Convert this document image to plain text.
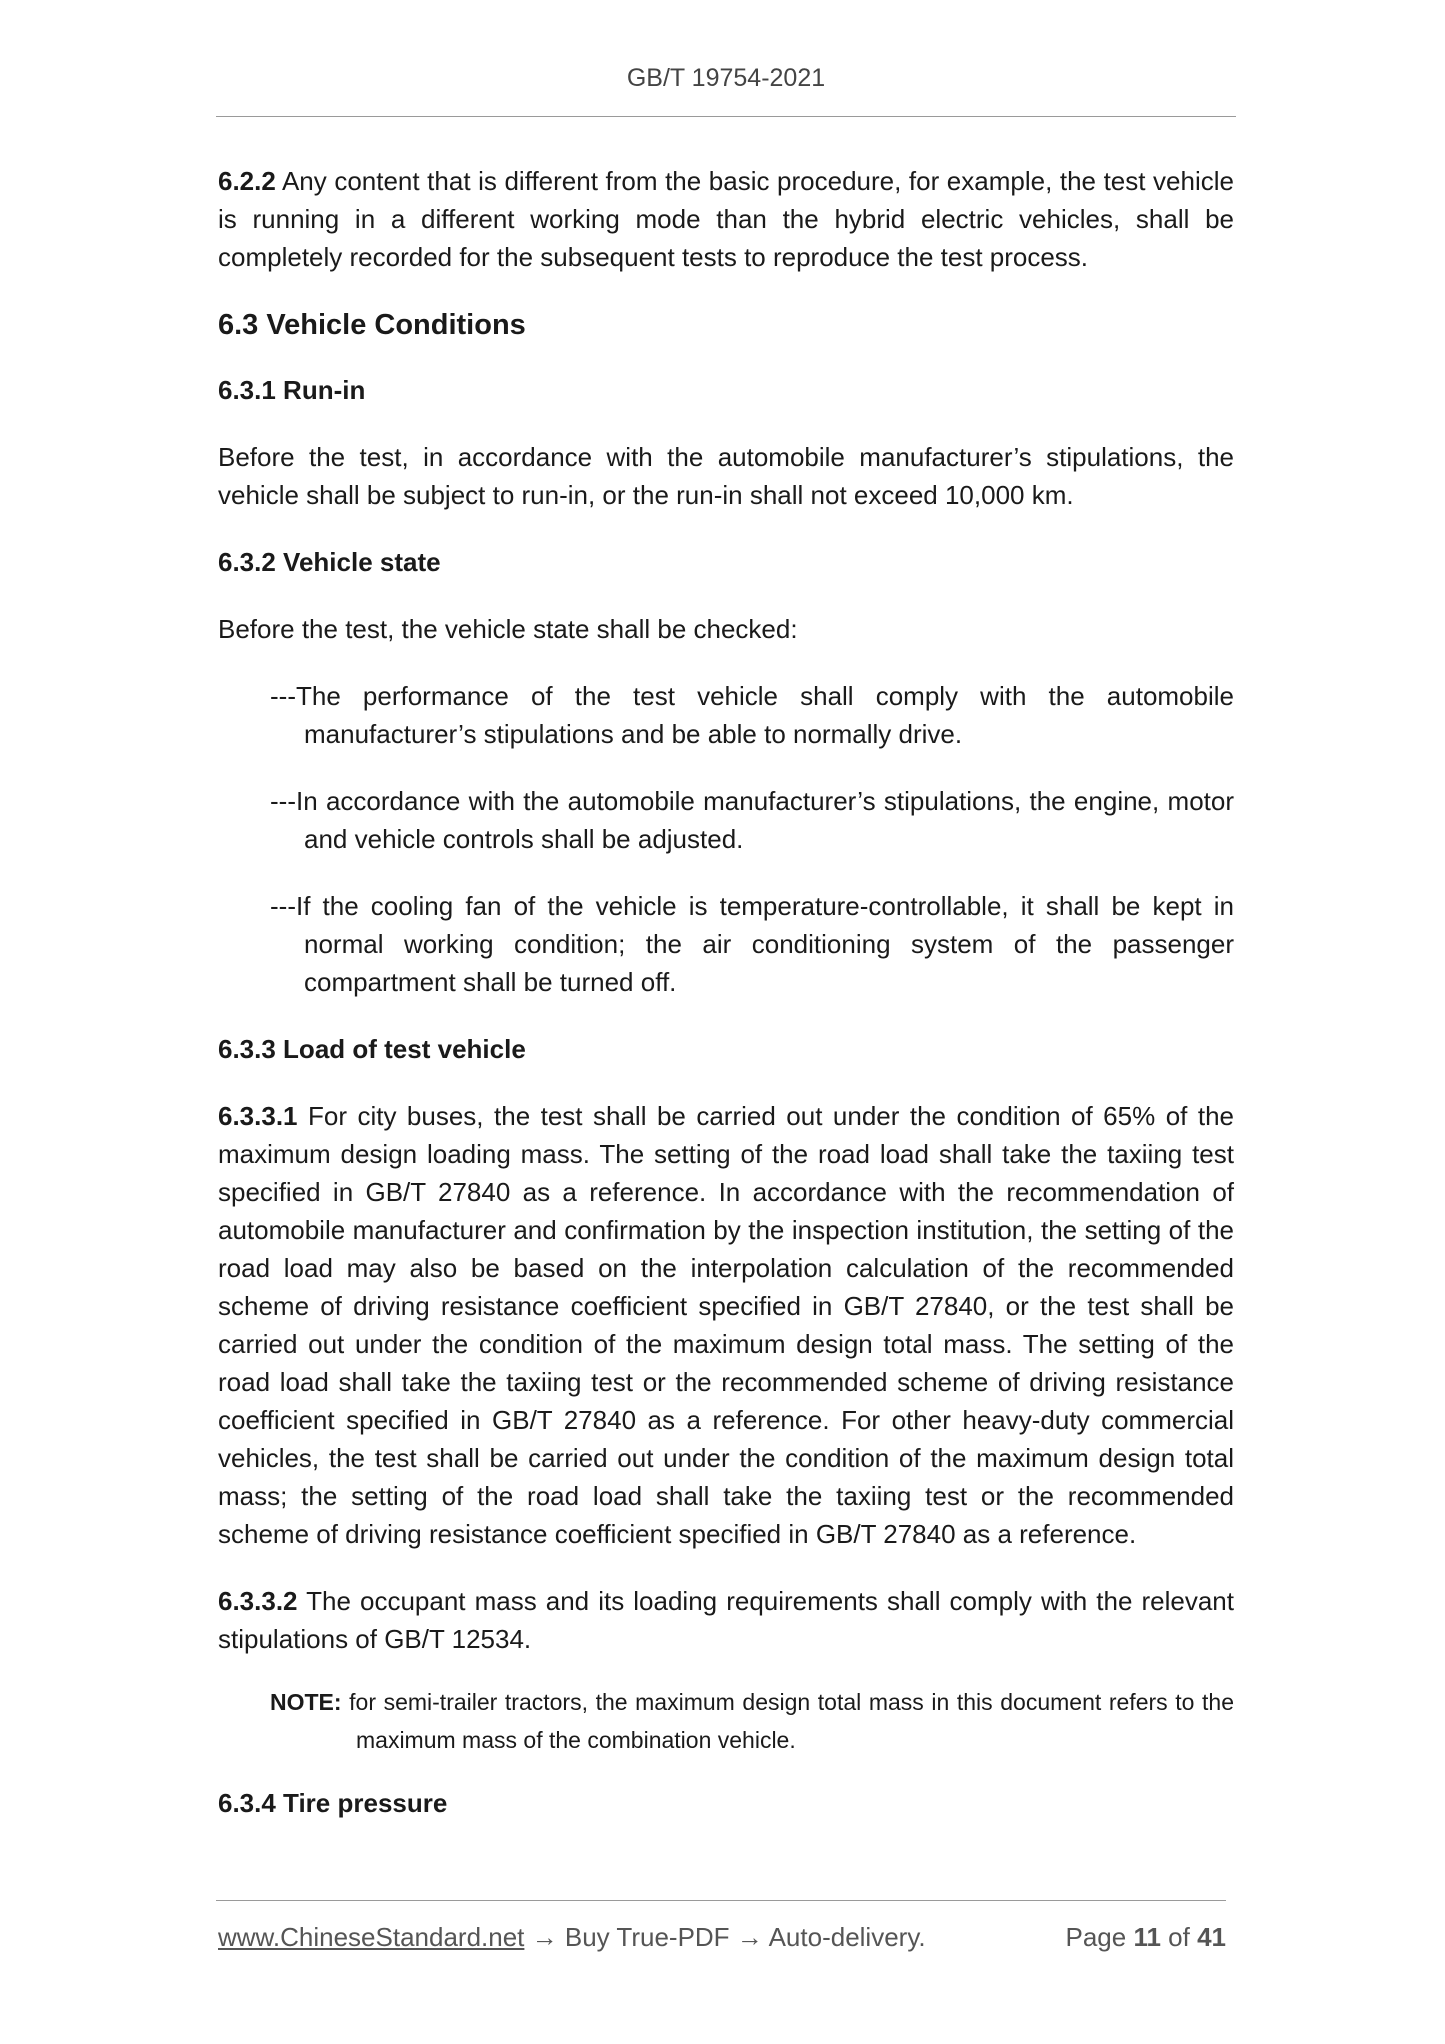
GB/T 19754-2021

6.2.2 Any content that is different from the basic procedure, for example, the test vehicle is running in a different working mode than the hybrid electric vehicles, shall be completely recorded for the subsequent tests to reproduce the test process.

6.3 Vehicle Conditions
6.3.1 Run-in

Before the test, in accordance with the automobile manufacturer’s stipulations, the vehicle shall be subject to run-in, or the run-in shall not exceed 10,000 km.

6.3.2 Vehicle state

Before the test, the vehicle state shall be checked:

---The performance of the test vehicle shall comply with the automobile manufacturer’s stipulations and be able to normally drive.

---In accordance with the automobile manufacturer’s stipulations, the engine, motor and vehicle controls shall be adjusted.

---If the cooling fan of the vehicle is temperature-controllable, it shall be kept in normal working condition; the air conditioning system of the passenger compartment shall be turned off.

6.3.3 Load of test vehicle

6.3.3.1 For city buses, the test shall be carried out under the condition of 65% of the maximum design loading mass. The setting of the road load shall take the taxiing test specified in GB/T 27840 as a reference. In accordance with the recommendation of automobile manufacturer and confirmation by the inspection institution, the setting of the road load may also be based on the interpolation calculation of the recommended scheme of driving resistance coefficient specified in GB/T 27840, or the test shall be carried out under the condition of the maximum design total mass. The setting of the road load shall take the taxiing test or the recommended scheme of driving resistance coefficient specified in GB/T 27840 as a reference. For other heavy-duty commercial vehicles, the test shall be carried out under the condition of the maximum design total mass; the setting of the road load shall take the taxiing test or the recommended scheme of driving resistance coefficient specified in GB/T 27840 as a reference.

6.3.3.2 The occupant mass and its loading requirements shall comply with the relevant stipulations of GB/T 12534.

NOTE: for semi-trailer tractors, the maximum design total mass in this document refers to the maximum mass of the combination vehicle.

6.3.4 Tire pressure
www.ChineseStandard.net → Buy True-PDF → Auto-delivery.	Page 11 of 41
